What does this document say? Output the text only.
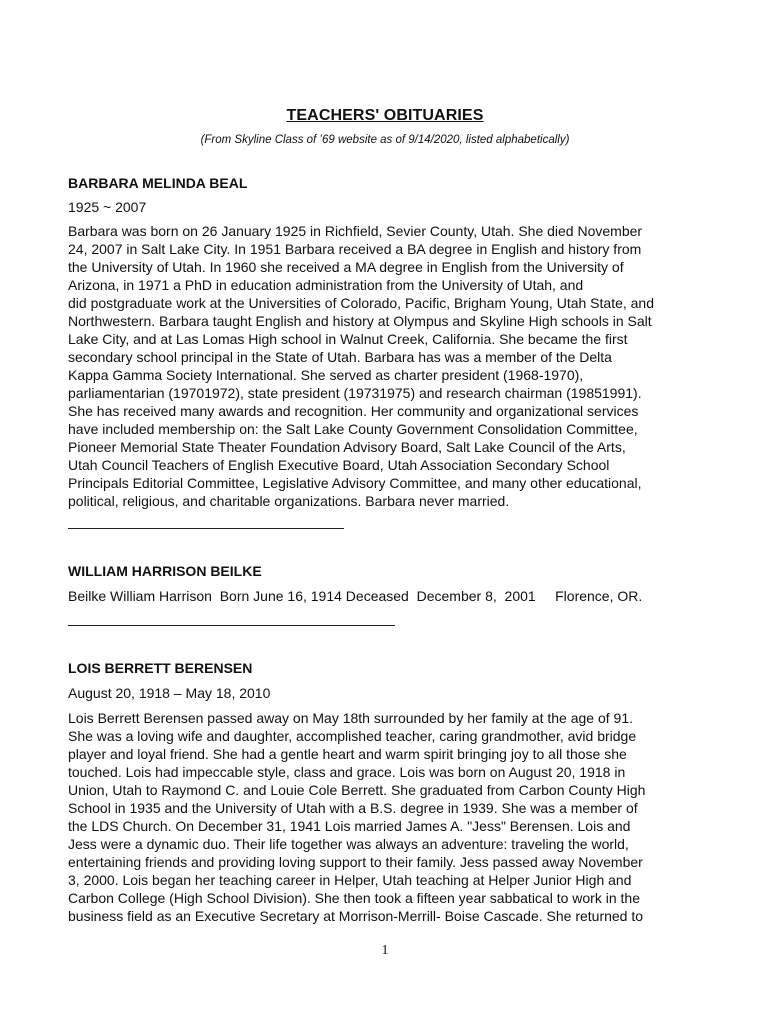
TEACHERS' OBITUARIES
(From Skyline Class of ’69 website as of 9/14/2020, listed alphabetically)
BARBARA MELINDA BEAL
1925 ~ 2007
Barbara was born on 26 January 1925 in Richfield, Sevier County, Utah. She died November
24, 2007 in Salt Lake City. In 1951 Barbara received a BA degree in English and history from
the University of Utah. In 1960 she received a MA degree in English from the University of
Arizona, in 1971 a PhD in education administration from the University of Utah, and
did postgraduate work at the Universities of Colorado, Pacific, Brigham Young, Utah State, and
Northwestern. Barbara taught English and history at Olympus and Skyline High schools in Salt
Lake City, and at Las Lomas High school in Walnut Creek, California. She became the first
secondary school principal in the State of Utah. Barbara has was a member of the Delta
Kappa Gamma Society International. She served as charter president (1968-1970),
parliamentarian (19701972), state president (19731975) and research chairman (19851991).
She has received many awards and recognition. Her community and organizational services
have included membership on: the Salt Lake County Government Consolidation Committee,
Pioneer Memorial State Theater Foundation Advisory Board, Salt Lake Council of the Arts,
Utah Council Teachers of English Executive Board, Utah Association Secondary School
Principals Editorial Committee, Legislative Advisory Committee, and many other educational,
political, religious, and charitable organizations. Barbara never married.
WILLIAM HARRISON BEILKE
Beilke William Harrison  Born June 16, 1914 Deceased  December 8,  2001     Florence, OR.
LOIS BERRETT BERENSEN
August 20, 1918 – May 18, 2010
Lois Berrett Berensen passed away on May 18th surrounded by her family at the age of 91.
She was a loving wife and daughter, accomplished teacher, caring grandmother, avid bridge
player and loyal friend. She had a gentle heart and warm spirit bringing joy to all those she
touched. Lois had impeccable style, class and grace. Lois was born on August 20, 1918 in
Union, Utah to Raymond C. and Louie Cole Berrett. She graduated from Carbon County High
School in 1935 and the University of Utah with a B.S. degree in 1939. She was a member of
the LDS Church. On December 31, 1941 Lois married James A. "Jess" Berensen. Lois and
Jess were a dynamic duo. Their life together was always an adventure: traveling the world,
entertaining friends and providing loving support to their family. Jess passed away November
3, 2000. Lois began her teaching career in Helper, Utah teaching at Helper Junior High and
Carbon College (High School Division). She then took a fifteen year sabbatical to work in the
business field as an Executive Secretary at Morrison-Merrill- Boise Cascade. She returned to
1
